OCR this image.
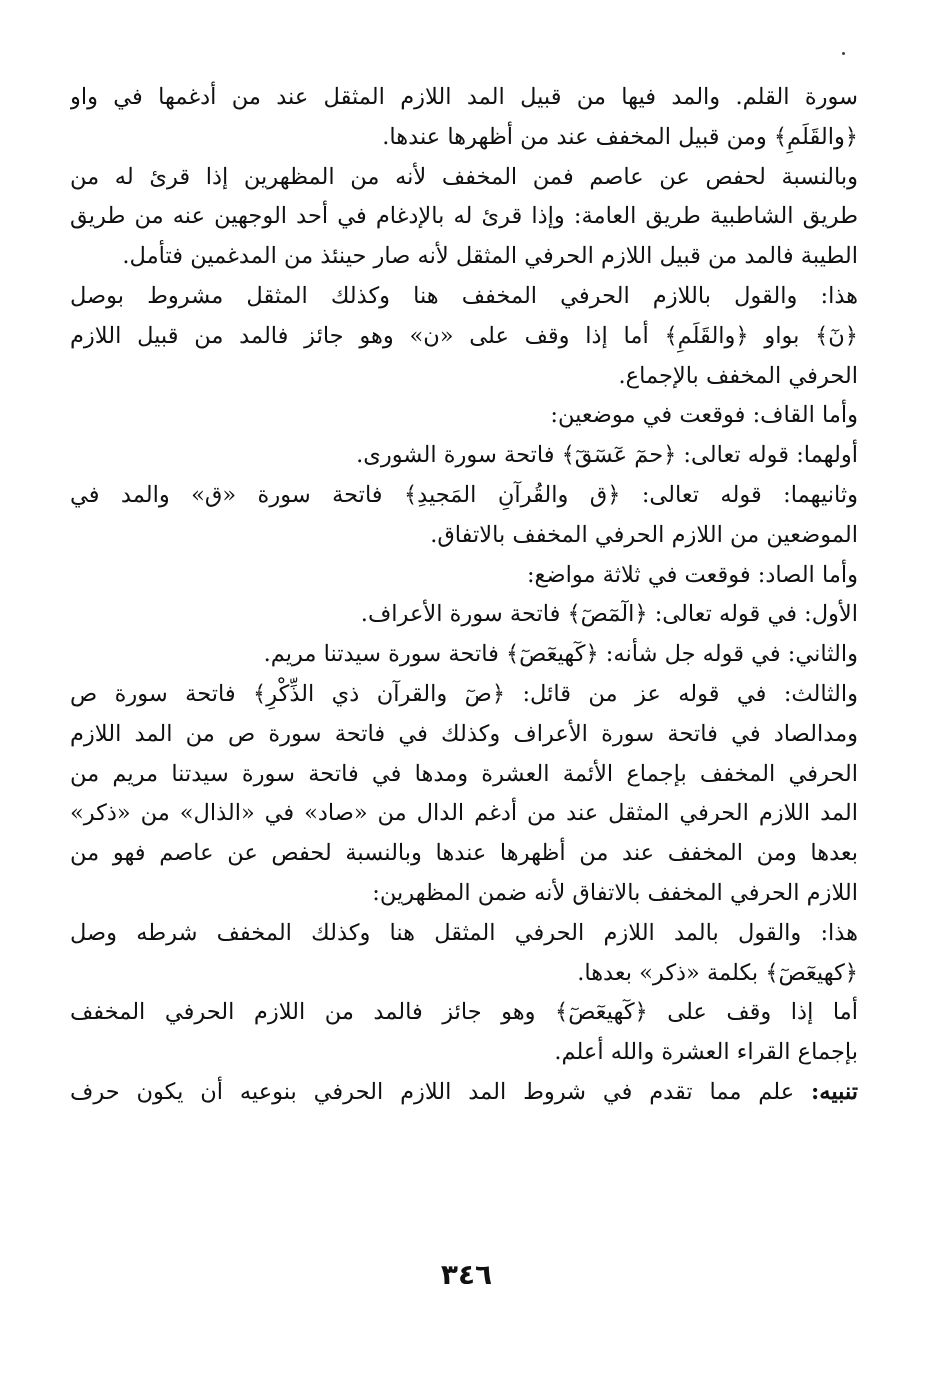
سورة القلم. والمد فيها من قبيل المد اللازم المثقل عند من أدغمها في واو
﴿والقَلَمِ﴾ ومن قبيل المخفف عند من أظهرها عندها.
وبالنسبة لحفص عن عاصم فمن المخفف لأنه من المظهرين إذا قرئ له من
طريق الشاطبية طريق العامة: وإذا قرئ له بالإدغام في أحد الوجهين عنه من طريق
الطيبة فالمد من قبيل اللازم الحرفي المثقل لأنه صار حينئذ من المدغمين فتأمل.
هذا: والقول باللازم الحرفي المخفف هنا وكذلك المثقل مشروط بوصل
﴿نٓ﴾ بواو ﴿والقَلَمِ﴾ أما إذا وقف على «ن» وهو جائز فالمد من قبيل اللازم
الحرفي المخفف بالإجماع.
وأما القاف: فوقعت في موضعين:
أولهما: قوله تعالى: ﴿حمٓ عٓسٓقٓ﴾ فاتحة سورة الشورى.
وثانيهما: قوله تعالى: ﴿ق والقُرآنِ المَجيدِ﴾ فاتحة سورة «ق» والمد في
الموضعين من اللازم الحرفي المخفف بالاتفاق.
وأما الصاد: فوقعت في ثلاثة مواضع:
الأول: في قوله تعالى: ﴿الٓمٓصٓ﴾ فاتحة سورة الأعراف.
والثاني: في قوله جل شأنه: ﴿كٓهيعٓصٓ﴾ فاتحة سورة سيدتنا مريم.
والثالث: في قوله عز من قائل: ﴿صٓ والقرآن ذي الذِّكْرِ﴾ فاتحة سورة ص
ومدالصاد في فاتحة سورة الأعراف وكذلك في فاتحة سورة ص من المد اللازم
الحرفي المخفف بإجماع الأئمة العشرة ومدها في فاتحة سورة سيدتنا مريم من
المد اللازم الحرفي المثقل عند من أدغم الدال من «صاد» في «الذال» من «ذكر»
بعدها ومن المخفف عند من أظهرها عندها وبالنسبة لحفص عن عاصم فهو من
اللازم الحرفي المخفف بالاتفاق لأنه ضمن المظهرين:
هذا: والقول بالمد اللازم الحرفي المثقل هنا وكذلك المخفف شرطه وصل
﴿كهيعٓصٓ﴾ بكلمة «ذكر» بعدها.
أما إذا وقف على ﴿كٓهيعٓصٓ﴾ وهو جائز فالمد من اللازم الحرفي المخفف
بإجماع القراء العشرة والله أعلم.
تنبيه: علم مما تقدم في شروط المد اللازم الحرفي بنوعيه أن يكون حرف
٣٤٦
